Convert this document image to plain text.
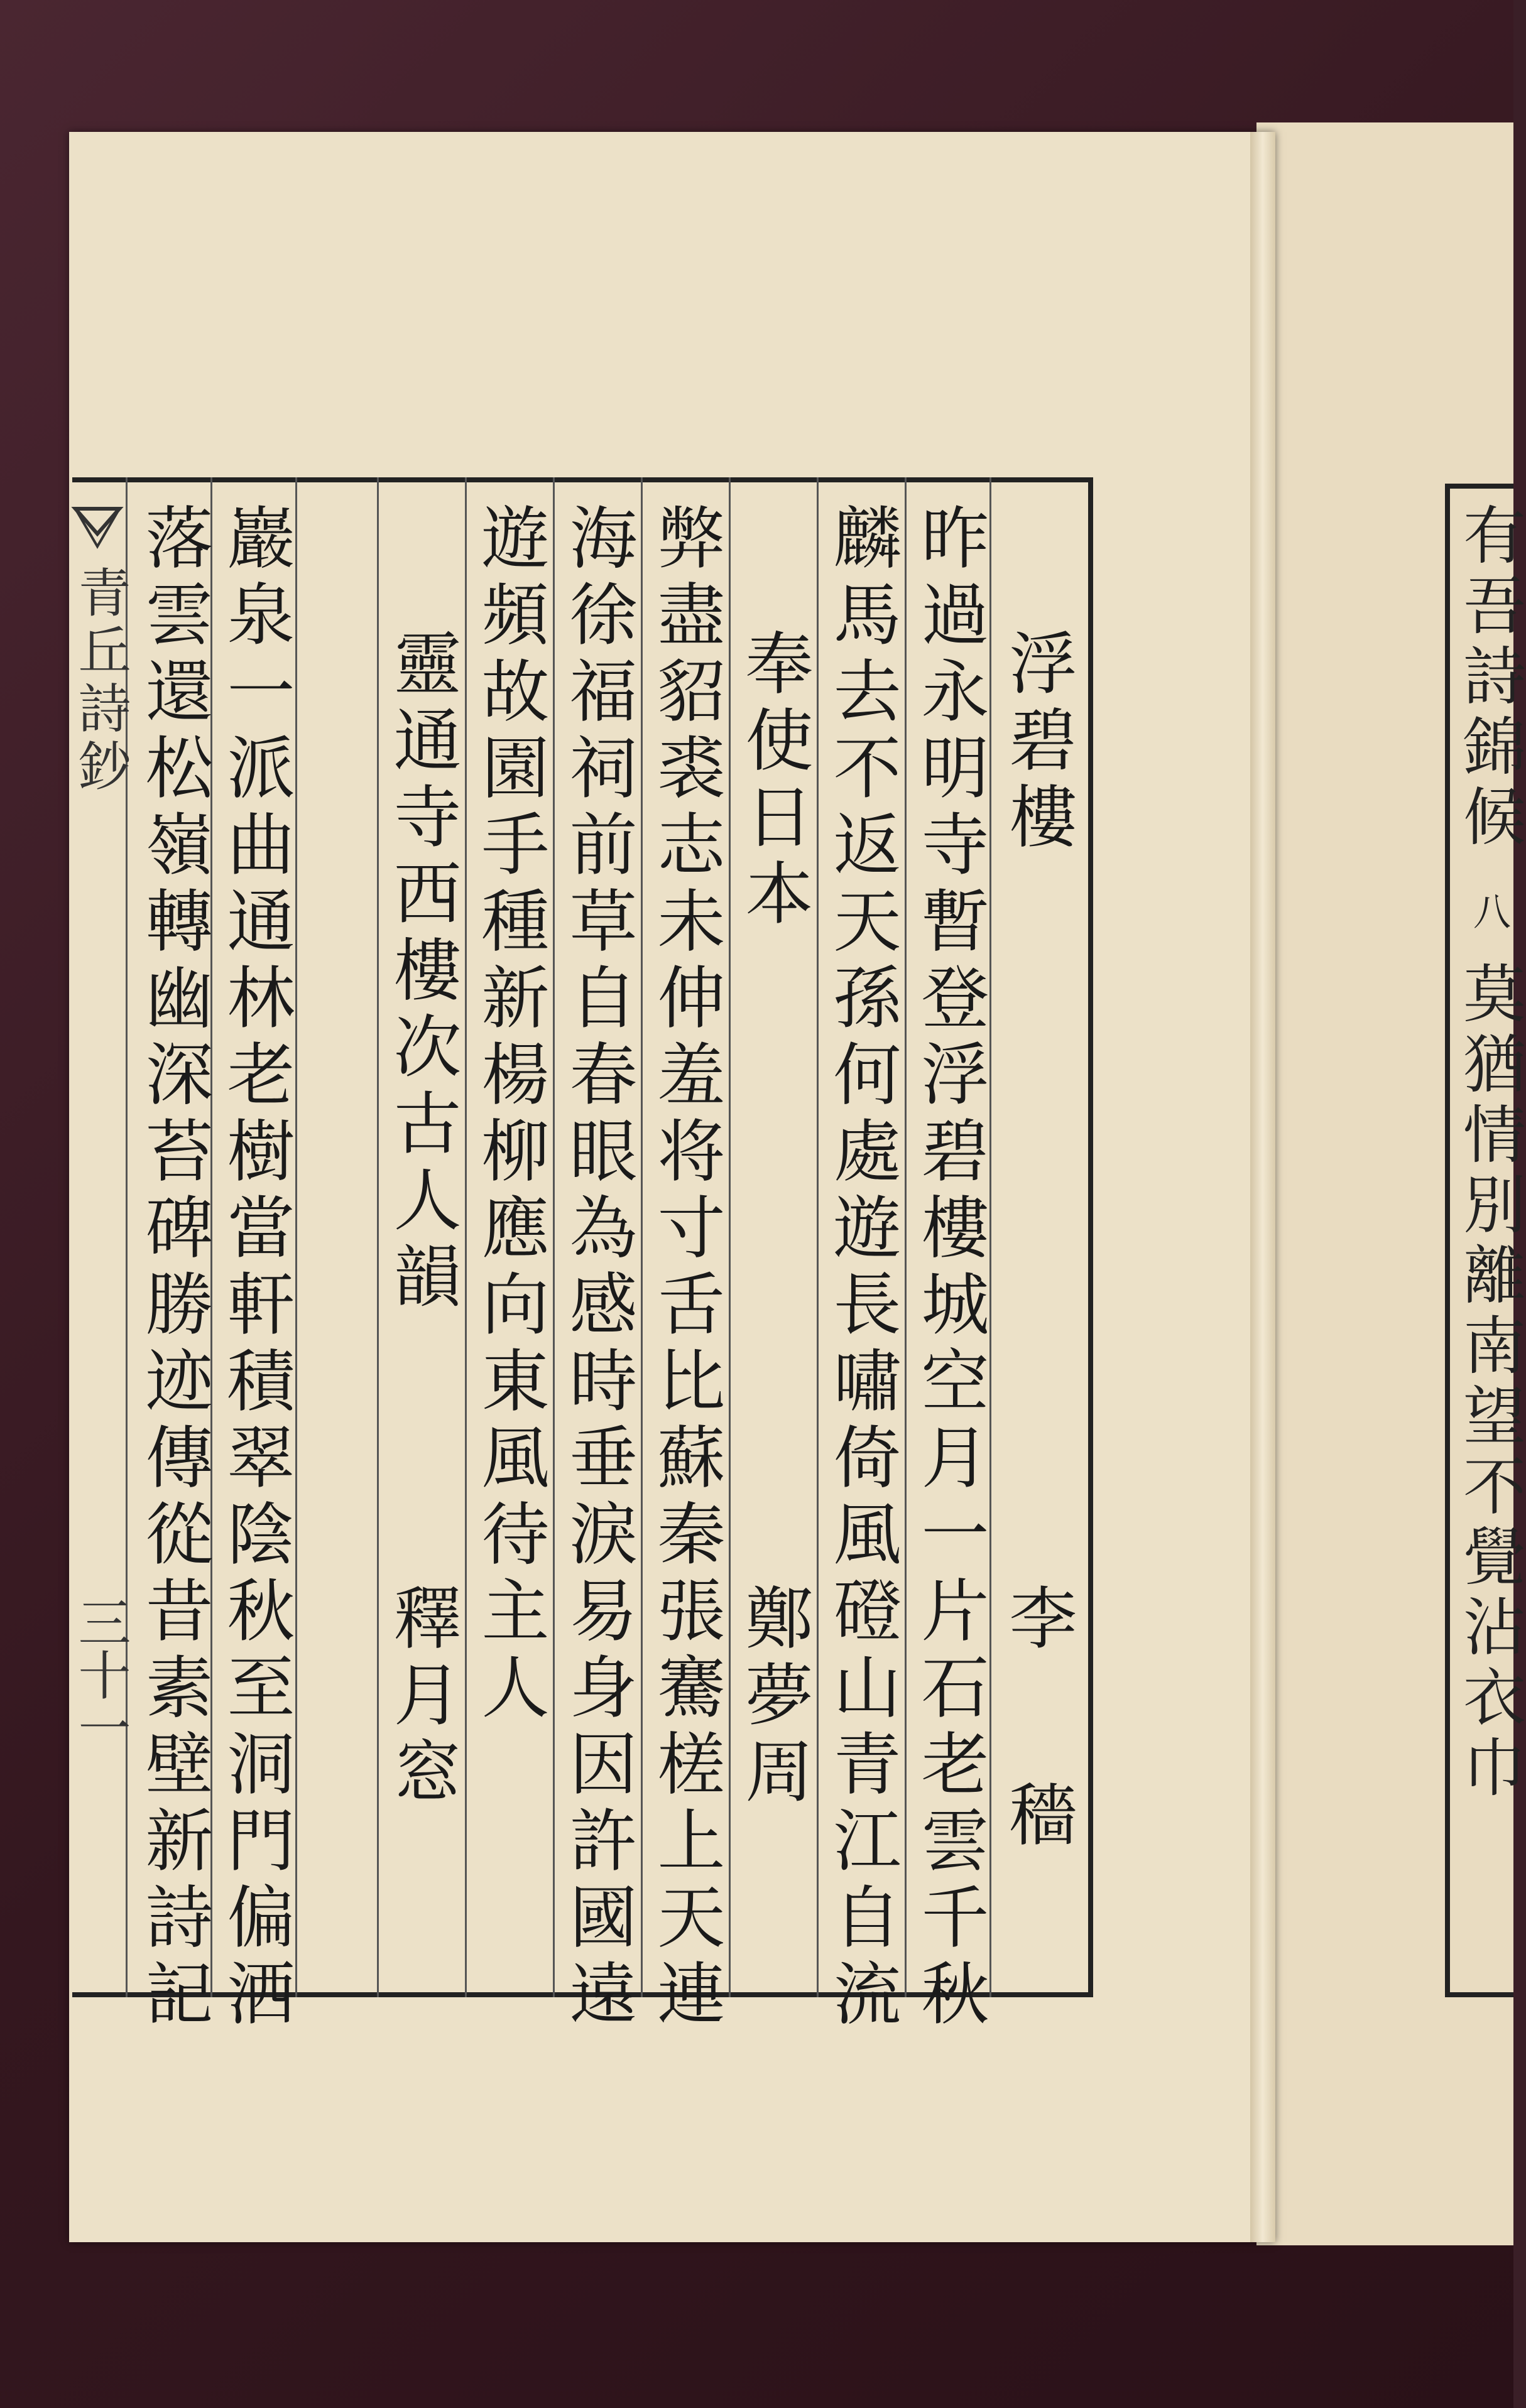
青丘詩鈔
三十一
浮碧樓
李 穡
昨過永明寺暫登浮碧樓城空月一片石老雲千秋
麟馬去不返天孫何處遊長嘯倚風磴山青江自流
奉使日本
鄭夢周
弊盡貂裘志未伸羞将寸舌比蘇秦張騫槎上天連
海徐福祠前草自春眼為感時垂淚易身因許國遠
遊頻故園手種新楊柳應向東風待主人
靈通寺西樓次古人韻
釋月窓
巖泉一派曲通林老樹當軒積翠陰秋至洞門偏洒
落雲還松嶺轉幽深苔碑勝迹傳從昔素壁新詩記	有吾詩錦候
八
莫猶情別離南望不覺沾衣巾
